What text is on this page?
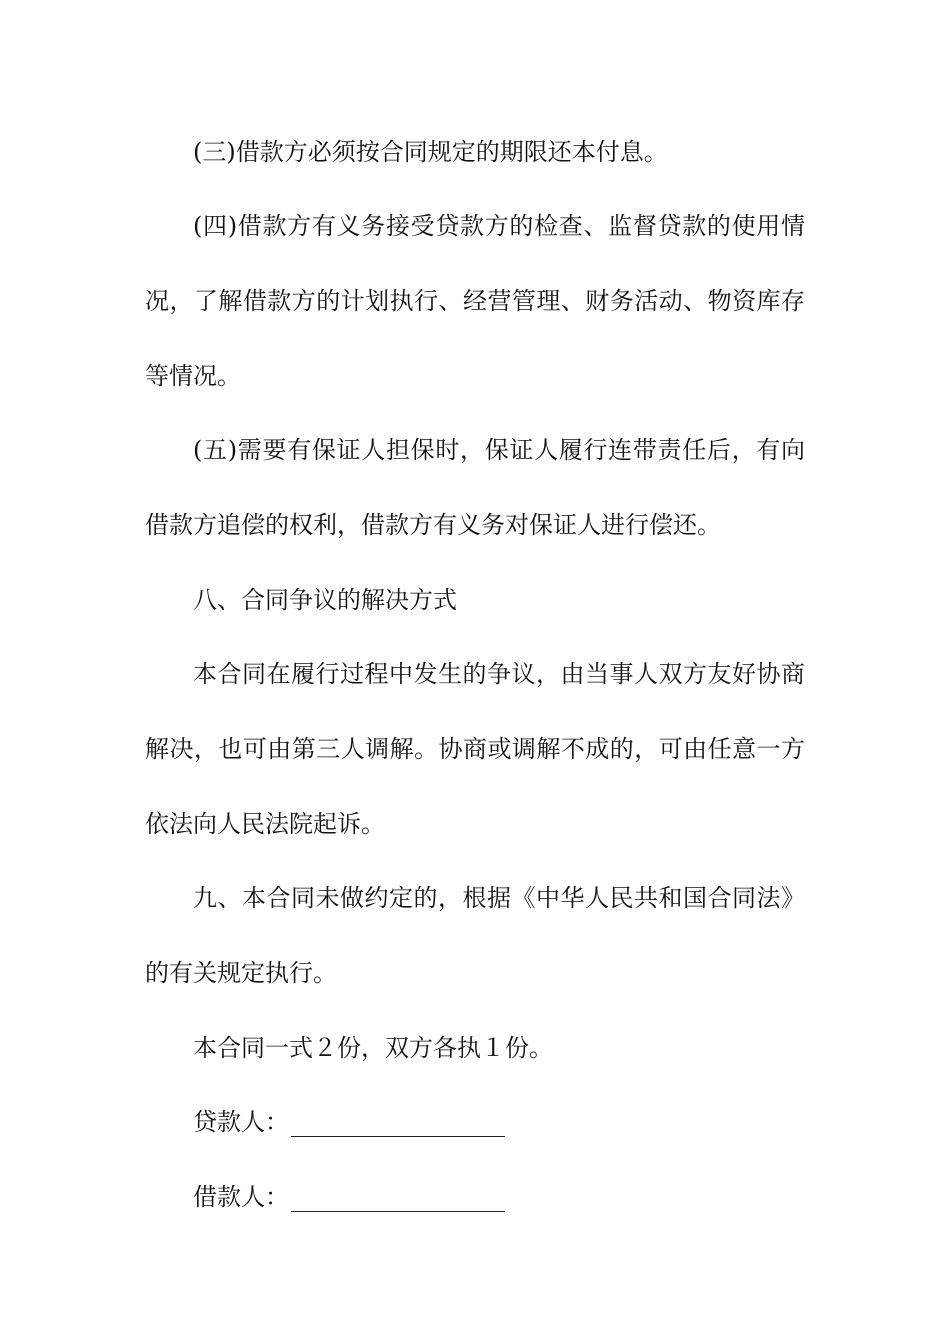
(三)借款方必须按合同规定的期限还本付息。
(四)借款方有义务接受贷款方的检查、监督贷款的使用情
况，了解借款方的计划执行、经营管理、财务活动、物资库存
等情况。
(五)需要有保证人担保时，保证人履行连带责任后，有向
借款方追偿的权利，借款方有义务对保证人进行偿还。
八、合同争议的解决方式
本合同在履行过程中发生的争议，由当事人双方友好协商
解决，也可由第三人调解。协商或调解不成的，可由任意一方
依法向人民法院起诉。
九、本合同未做约定的，根据《中华人民共和国合同法》
的有关规定执行。
本合同一式２份，双方各执１份。
贷款人：
借款人：
